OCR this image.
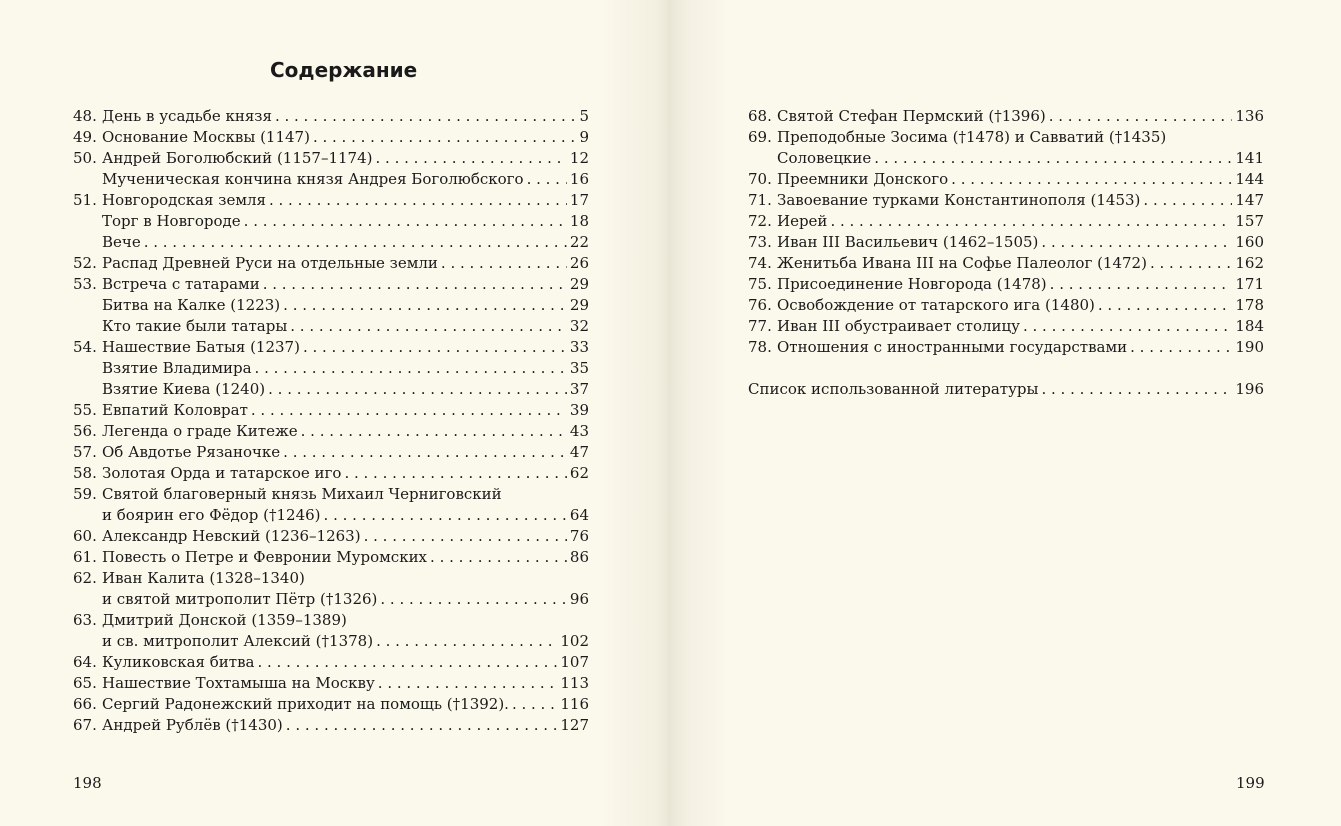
Содержание
48. День в усадьбе князя . . .	5
49. Основание Москвы (1147) . . .	9
50. Андрей Боголюбский (1157–1174) . . .	12
Мученическая кончина князя Андрея Боголюбского . . .	16
51. Новгородская земля . . .	17
Торг в Новгороде . . .	18
Вече . . .	22
52. Распад Древней Руси на отдельные земли . . .	26
53. Встреча с татарами . . .	29
Битва на Калке (1223) . . .	29
Кто такие были татары . . .	32
54. Нашествие Батыя (1237) . . .	33
Взятие Владимира . . .	35
Взятие Киева (1240) . . .	37
55. Евпатий Коловрат . . .	39
56. Легенда о граде Китеже . . .	43
57. Об Авдотье Рязаночке . . .	47
58. Золотая Орда и татарское иго . . .	62
59. Святой благоверный князь Михаил Черниговский
и боярин его Фёдор (†1246) . . .	64
60. Александр Невский (1236–1263) . . .	76
61. Повесть о Петре и Февронии Муромских . . .	86
62. Иван Калита (1328–1340)
и святой митрополит Пётр (†1326) . . .	96
63. Дмитрий Донской (1359–1389)
и св. митрополит Алексий (†1378) . . .	102
64. Куликовская битва . . .	107
65. Нашествие Тохтамыша на Москву . . .	113
66. Сергий Радонежский приходит на помощь (†1392). . . .	116
67. Андрей Рублёв (†1430) . . .	127
198
68. Святой Стефан Пермский (†1396) . . .	136
69. Преподобные Зосима (†1478) и Савватий (†1435)
Соловецкие . . .	141
70. Преемники Донского . . .	144
71. Завоевание турками Константинополя (1453) . . .	147
72. Иерей . . .	157
73. Иван III Васильевич (1462–1505) . . .	160
74. Женитьба Ивана III на Софье Палеолог (1472) . . .	162
75. Присоединение Новгорода (1478) . . .	171
76. Освобождение от татарского ига (1480) . . .	178
77. Иван III обустраивает столицу . . .	184
78. Отношения с иностранными государствами . . .	190
Список использованной литературы . . .	196
199
